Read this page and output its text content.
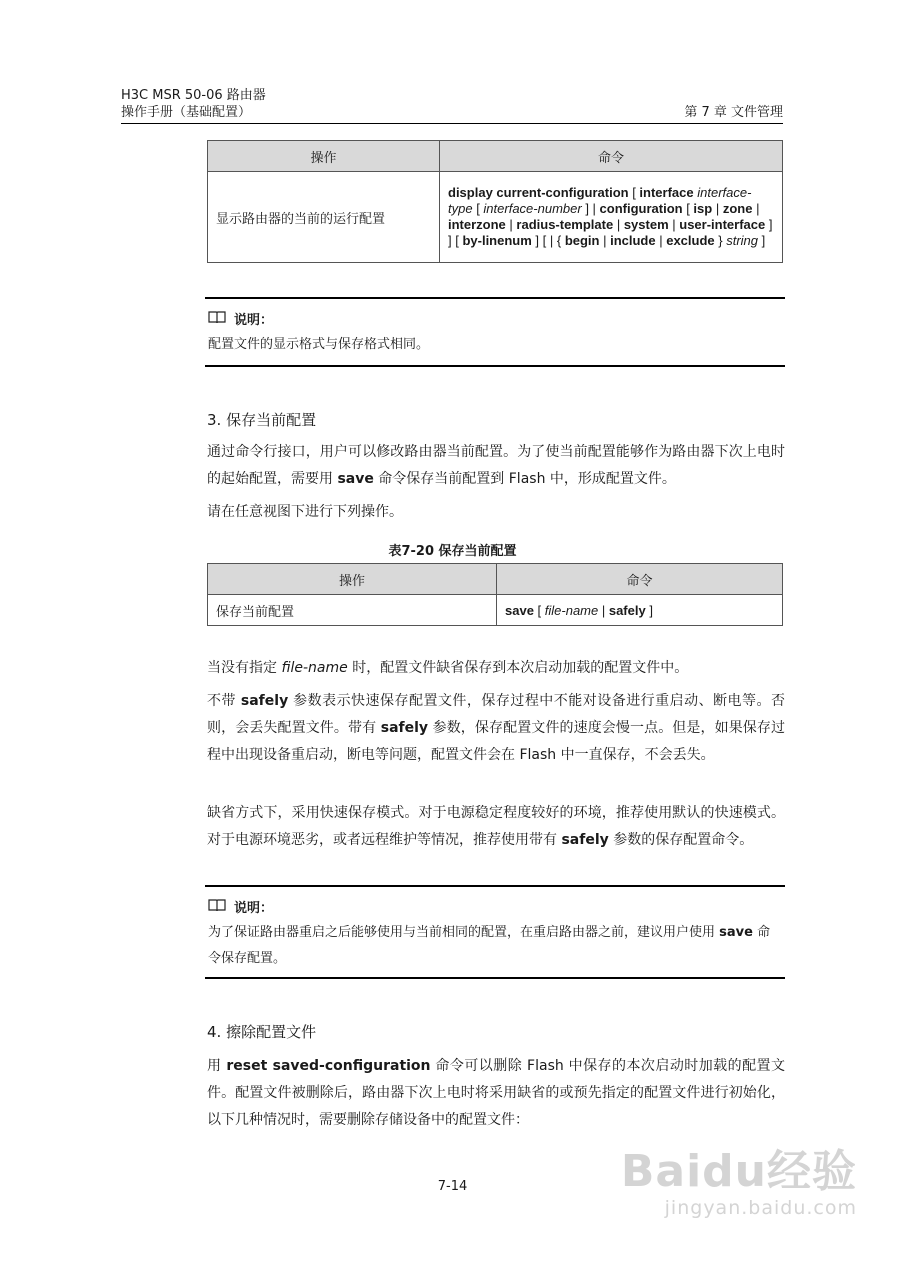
H3C MSR 50-06 路由器
操作手册（基础配置）	第 7 章 文件管理
操作	命令
显示路由器的当前的运行配置	display current-configuration [ interface interface-type [ interface-number ] | configuration [ isp | zone | interzone | radius-template | system | user-interface ] ] [ by-linenum ] [ | { begin | include | exclude } string ]
说明：
配置文件的显示格式与保存格式相同。
3. 保存当前配置
通过命令行接口，用户可以修改路由器当前配置。为了使当前配置能够作为路由器下次上电时的起始配置，需要用 save 命令保存当前配置到 Flash 中，形成配置文件。
请在任意视图下进行下列操作。
表7-20 保存当前配置
操作	命令
保存当前配置	save [ file-name | safely ]
当没有指定 file-name 时，配置文件缺省保存到本次启动加载的配置文件中。
不带 safely 参数表示快速保存配置文件，保存过程中不能对设备进行重启动、断电等。否则，会丢失配置文件。带有 safely 参数，保存配置文件的速度会慢一点。但是，如果保存过程中出现设备重启动，断电等问题，配置文件会在 Flash 中一直保存，不会丢失。
缺省方式下，采用快速保存模式。对于电源稳定程度较好的环境，推荐使用默认的快速模式。对于电源环境恶劣，或者远程维护等情况，推荐使用带有 safely 参数的保存配置命令。
说明：
为了保证路由器重启之后能够使用与当前相同的配置，在重启路由器之前，建议用户使用 save 命令保存配置。
4. 擦除配置文件
用 reset saved-configuration 命令可以删除 Flash 中保存的本次启动时加载的配置文件。配置文件被删除后，路由器下次上电时将采用缺省的或预先指定的配置文件进行初始化，以下几种情况时，需要删除存储设备中的配置文件：
7-14	Baidu经验
jingyan.baidu.com
